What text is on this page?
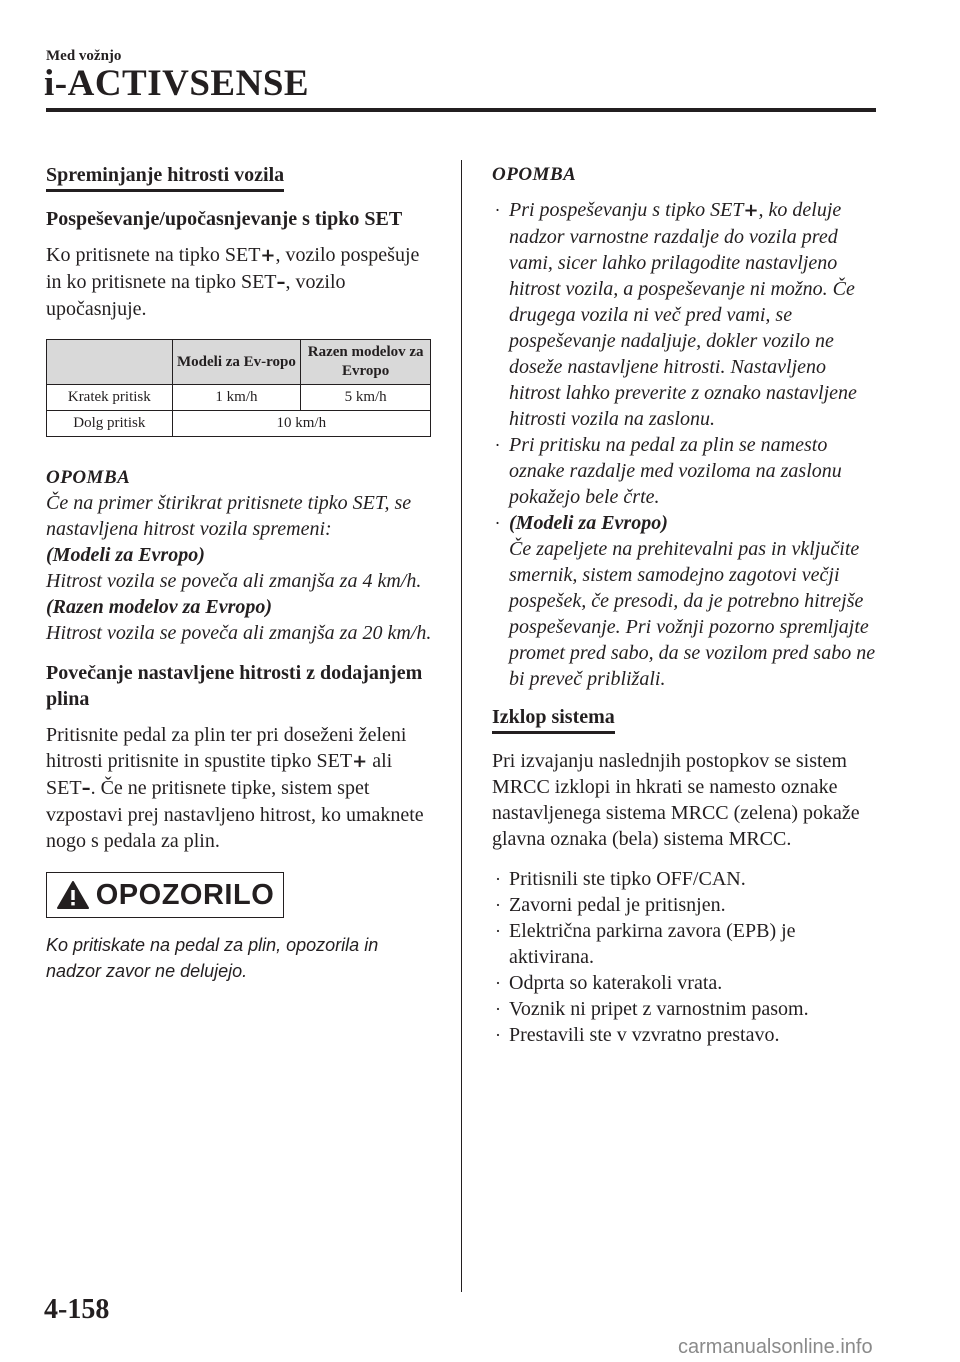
Med vožnjo
i-ACTIVSENSE
Spreminjanje hitrosti vozila
Pospeševanje/upočasnjevanje s tipko SET
Ko pritisnete na tipko SET+, vozilo pospešuje in ko pritisnete na tipko SET–, vozilo upočasnjuje.
	Modeli za Ev-ropo	Razen modelov za Evropo
Kratek pritisk	1 km/h	5 km/h
Dolg pritisk	10 km/h	
OPOMBA
Če na primer štirikrat pritisnete tipko SET, se nastavljena hitrost vozila spremeni:
(Modeli za Evropo)
Hitrost vozila se poveča ali zmanjša za 4 km/h.
(Razen modelov za Evropo)
Hitrost vozila se poveča ali zmanjša za 20 km/h.
Povečanje nastavljene hitrosti z dodajanjem plina
Pritisnite pedal za plin ter pri doseženi želeni hitrosti pritisnite in spustite tipko SET+ ali SET–. Če ne pritisnete tipke, sistem spet vzpostavi prej nastavljeno hitrost, ko umaknete nogo s pedala za plin.
OPOZORILO
Ko pritiskate na pedal za plin, opozorila in nadzor zavor ne delujejo.
OPOMBA
· Pri pospeševanju s tipko SET+, ko deluje nadzor varnostne razdalje do vozila pred vami, sicer lahko prilagodite nastavljeno hitrost vozila, a pospeševanje ni možno. Če drugega vozila ni več pred vami, se pospeševanje nadaljuje, dokler vozilo ne doseže nastavljene hitrosti. Nastavljeno hitrost lahko preverite z oznako nastavljene hitrosti vozila na zaslonu.
· Pri pritisku na pedal za plin se namesto oznake razdalje med voziloma na zaslonu pokažejo bele črte.
· (Modeli za Evropo)
Če zapeljete na prehitevalni pas in vključite smernik, sistem samodejno zagotovi večji pospešek, če presodi, da je potrebno hitrejše pospeševanje. Pri vožnji pozorno spremljajte promet pred sabo, da se vozilom pred sabo ne bi preveč približali.
Izklop sistema
Pri izvajanju naslednjih postopkov se sistem MRCC izklopi in hkrati se namesto oznake nastavljenega sistema MRCC (zelena) pokaže glavna oznaka (bela) sistema MRCC.
· Pritisnili ste tipko OFF/CAN.
· Zavorni pedal je pritisnjen.
· Električna parkirna zavora (EPB) je aktivirana.
· Odprta so katerakoli vrata.
· Voznik ni pripet z varnostnim pasom.
· Prestavili ste v vzvratno prestavo.
4-158
carmanualsonline.info
